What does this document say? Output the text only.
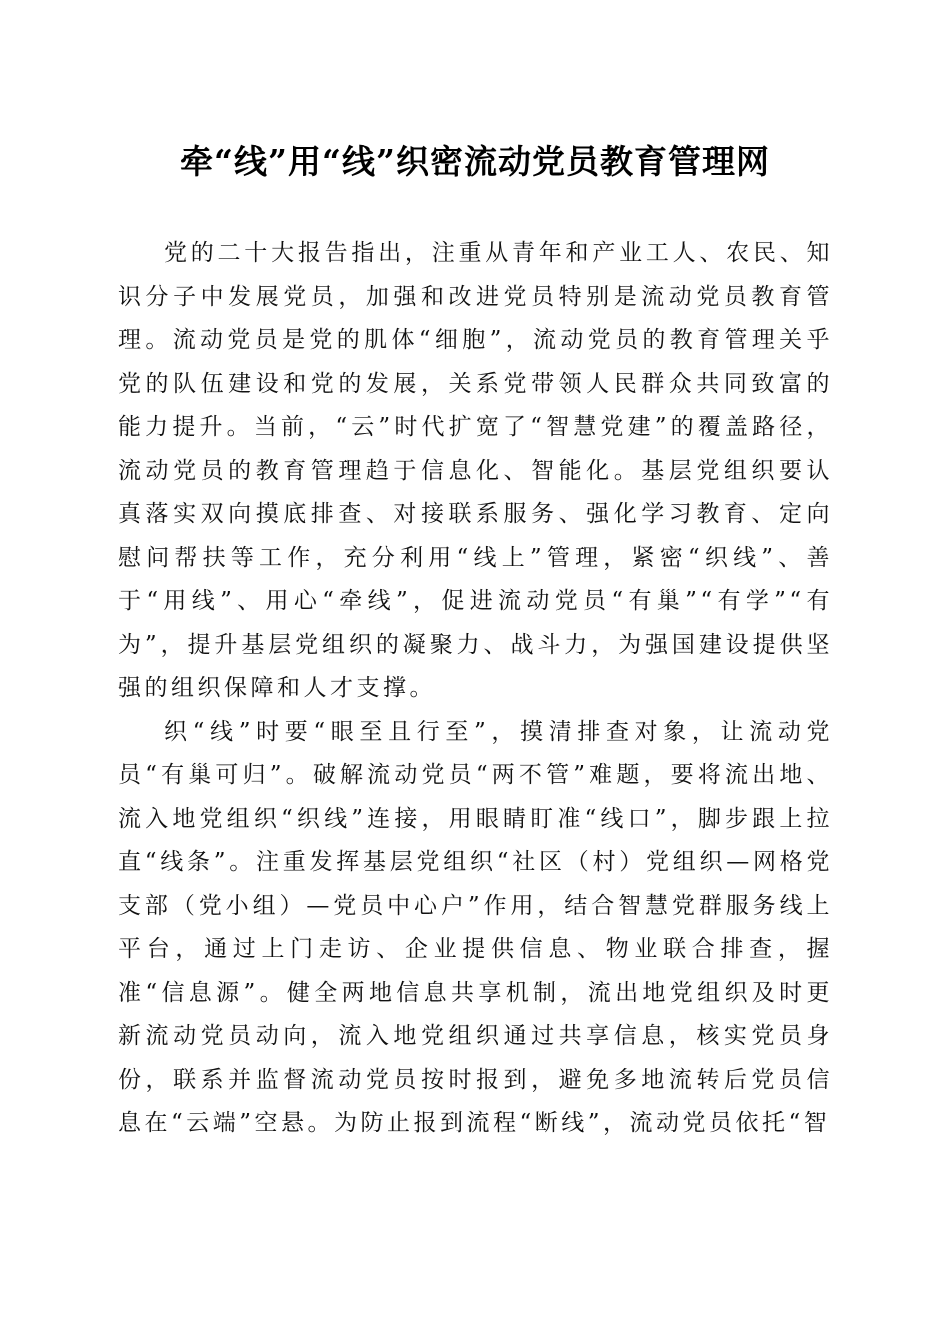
牵“线”用“线”织密流动党员教育管理网

党的二十大报告指出，注重从青年和产业工人、农民、知识分子中发展党员，加强和改进党员特别是流动党员教育管理。流动党员是党的肌体“细胞”，流动党员的教育管理关乎党的队伍建设和党的发展，关系党带领人民群众共同致富的能力提升。当前，“云”时代扩宽了“智慧党建”的覆盖路径，流动党员的教育管理趋于信息化、智能化。基层党组织要认真落实双向摸底排查、对接联系服务、强化学习教育、定向慰问帮扶等工作，充分利用“线上”管理，紧密“织线”、善于“用线”、用心“牵线”，促进流动党员“有巢”“有学”“有为”，提升基层党组织的凝聚力、战斗力，为强国建设提供坚强的组织保障和人才支撑。

织“线”时要“眼至且行至”，摸清排查对象，让流动党员“有巢可归”。破解流动党员“两不管”难题，要将流出地、流入地党组织“织线”连接，用眼睛盯准“线口”，脚步跟上拉直“线条”。注重发挥基层党组织“社区（村）党组织—网格党支部（党小组）—党员中心户”作用，结合智慧党群服务线上平台，通过上门走访、企业提供信息、物业联合排查，握准“信息源”。健全两地信息共享机制，流出地党组织及时更新流动党员动向，流入地党组织通过共享信息，核实党员身份，联系并监督流动党员按时报到，避免多地流转后党员信息在“云端”空悬。为防止报到流程“断线”，流动党员依托“智
